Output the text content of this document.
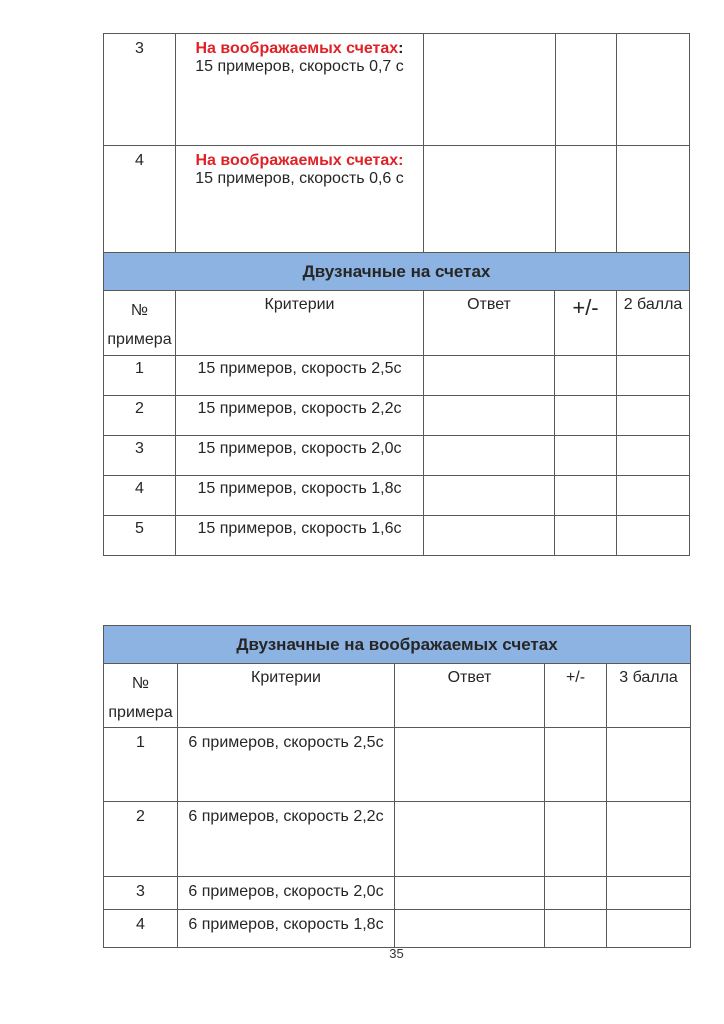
3	На воображаемых счетах:
15 примеров, скорость 0,7 с			

4	На воображаемых счетах:
15 примеров, скорость 0,6 с			

Двузначные на счетах				
№
примера	Критерии	Ответ	+/-	2 балла
1	15 примеров, скорость 2,5с			
2	15 примеров, скорость 2,2с			
3	15 примеров, скорость 2,0с			
4	15 примеров, скорость 1,8с			
5	15 примеров, скорость 1,6с			
Двузначные на воображаемых счетах				
№
примера	Критерии	Ответ	+/-	3 балла
1	6 примеров, скорость 2,5с			
2	6 примеров, скорость 2,2с			
3	6 примеров, скорость 2,0с			
4	6 примеров, скорость 1,8с			
35
